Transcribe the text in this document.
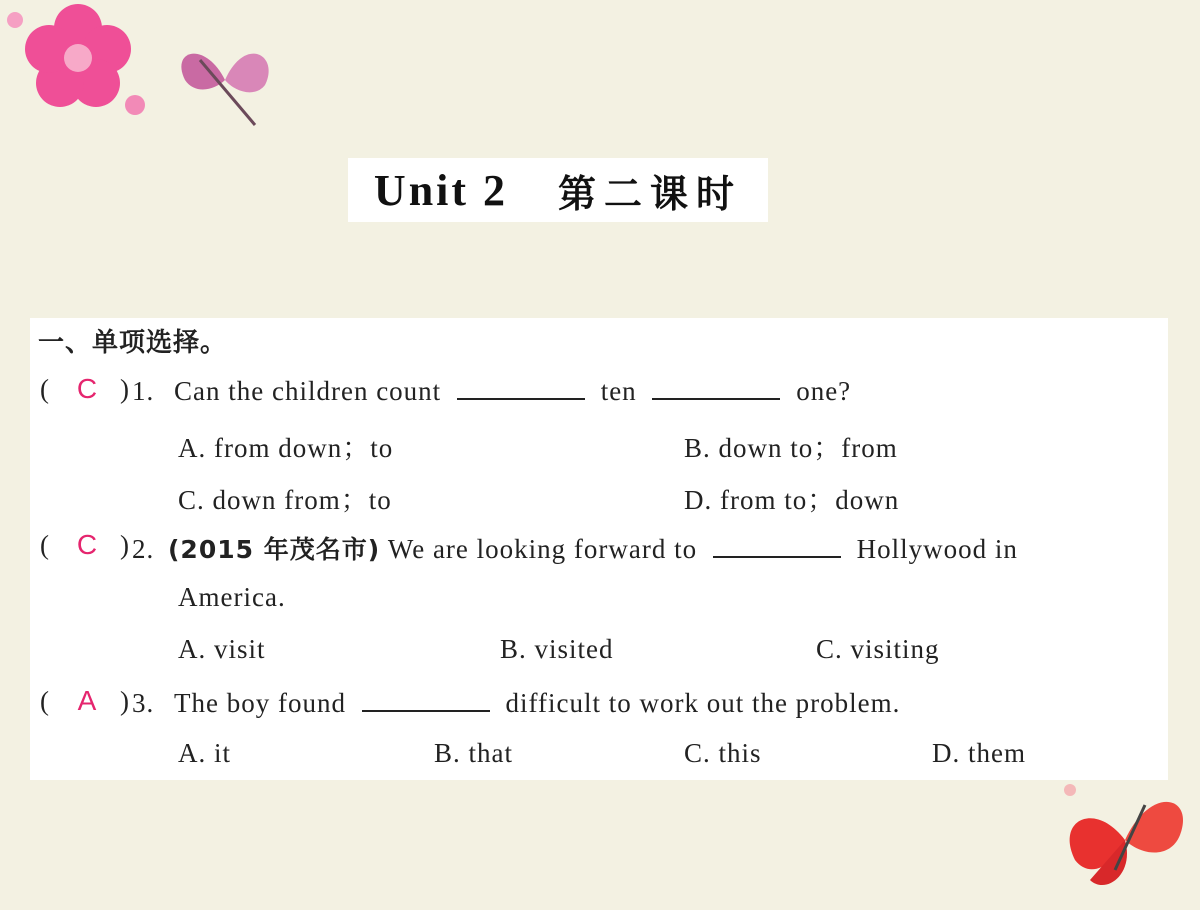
Unit 2 第二课时
一、单项选择。
( C ) 1. Can the children count	ten	one?
A. from down；to	B. down to；from
C. down from；to	D. from to；down
( C ) 2. (2015 年茂名市) We are looking forward to	Hollywood in
America.
A. visit	B. visited	C. visiting
( A ) 3. The boy found	difficult to work out the problem.
A. it	B. that	C. this	D. them
